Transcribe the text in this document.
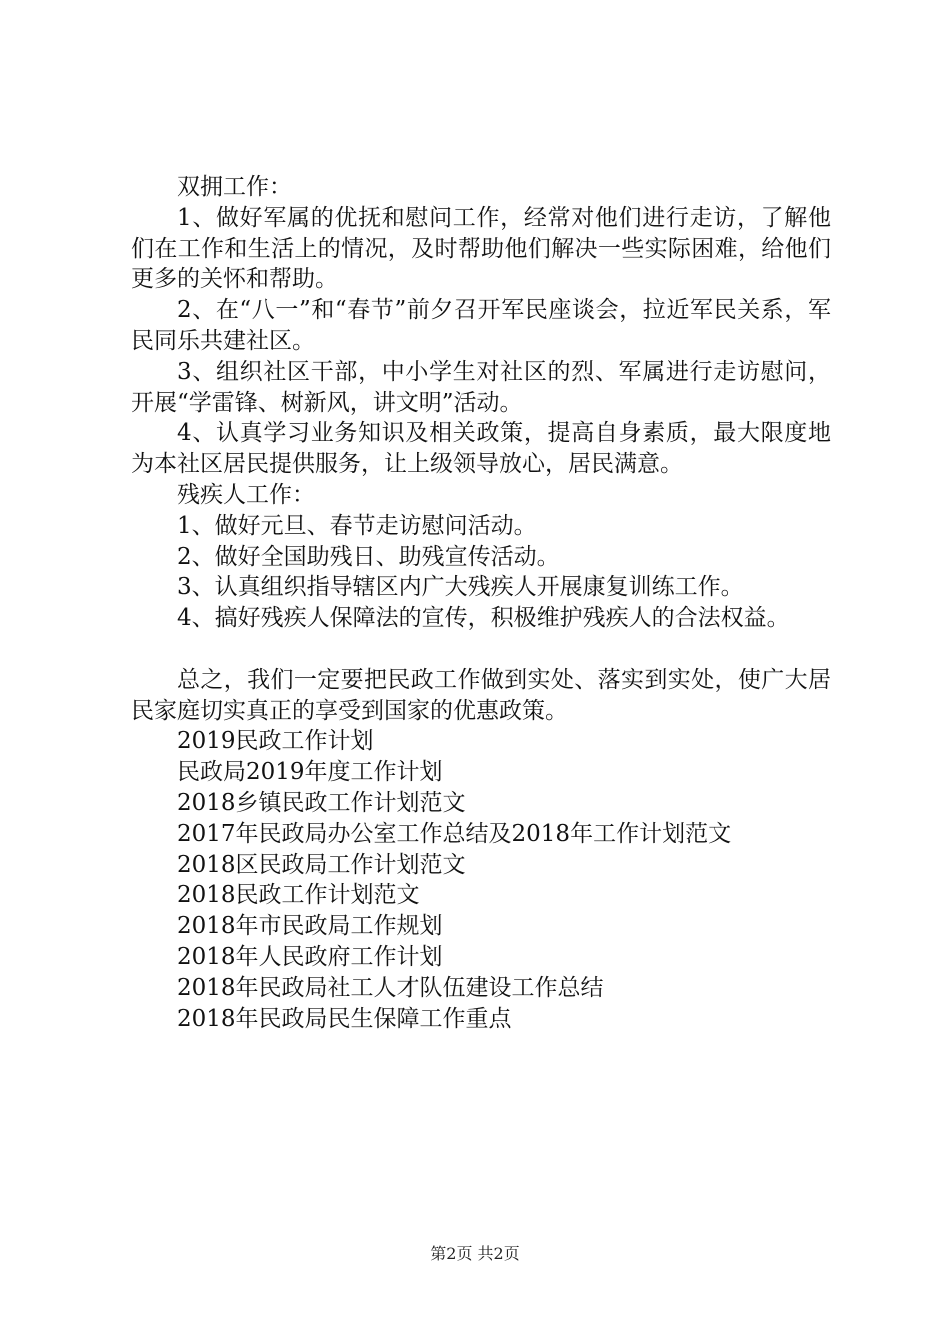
双拥工作：

1、做好军属的优抚和慰问工作，经常对他们进行走访，了解他们在工作和生活上的情况，及时帮助他们解决一些实际困难，给他们更多的关怀和帮助。

2、在“八一”和“春节”前夕召开军民座谈会，拉近军民关系，军民同乐共建社区。

3、组织社区干部，中小学生对社区的烈、军属进行走访慰问，开展“学雷锋、树新风，讲文明”活动。

4、认真学习业务知识及相关政策，提高自身素质，最大限度地为本社区居民提供服务，让上级领导放心，居民满意。

残疾人工作：

1、做好元旦、春节走访慰问活动。

2、做好全国助残日、助残宣传活动。

3、认真组织指导辖区内广大残疾人开展康复训练工作。

4、搞好残疾人保障法的宣传，积极维护残疾人的合法权益。

总之，我们一定要把民政工作做到实处、落实到实处，使广大居民家庭切实真正的享受到国家的优惠政策。

2019民政工作计划

民政局2019年度工作计划

2018乡镇民政工作计划范文

2017年民政局办公室工作总结及2018年工作计划范文

2018区民政局工作计划范文

2018民政工作计划范文

2018年市民政局工作规划

2018年人民政府工作计划

2018年民政局社工人才队伍建设工作总结

2018年民政局民生保障工作重点

第2页 共2页
